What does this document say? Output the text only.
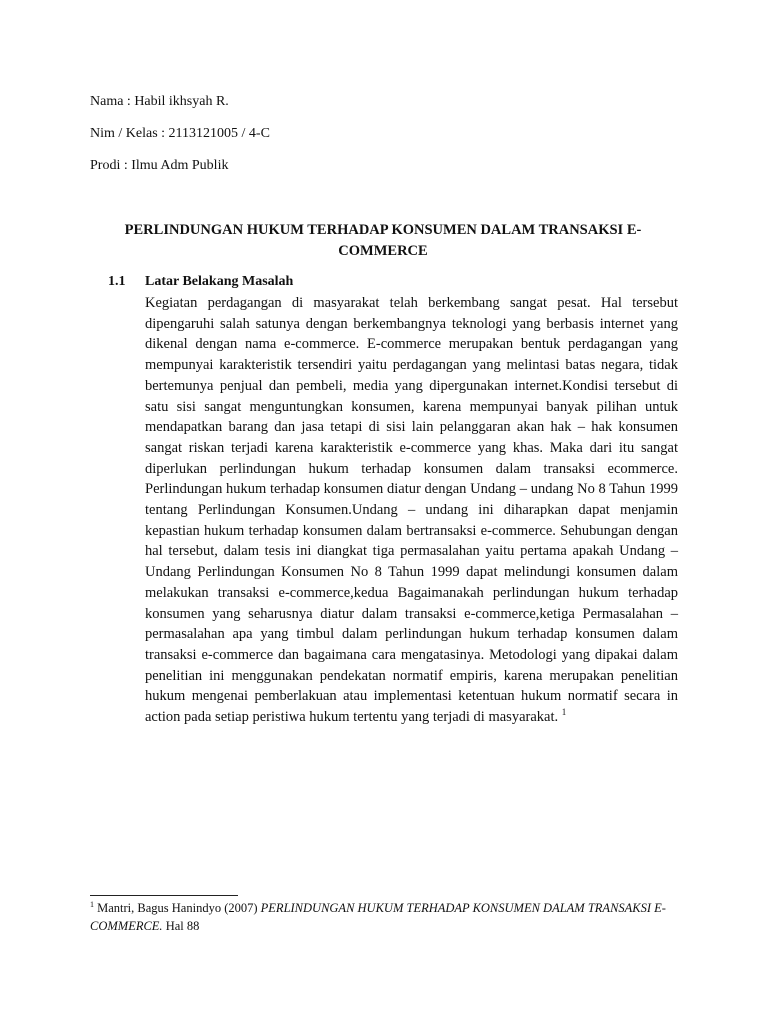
Nama : Habil ikhsyah R.
Nim / Kelas : 2113121005 / 4-C
Prodi : Ilmu Adm Publik
PERLINDUNGAN HUKUM TERHADAP KONSUMEN DALAM TRANSAKSI E-COMMERCE
1.1 Latar Belakang Masalah

Kegiatan perdagangan di masyarakat telah berkembang sangat pesat. Hal tersebut dipengaruhi salah satunya dengan berkembangnya teknologi yang berbasis internet yang dikenal dengan nama e-commerce. E-commerce merupakan bentuk perdagangan yang mempunyai karakteristik tersendiri yaitu perdagangan yang melintasi batas negara, tidak bertemunya penjual dan pembeli, media yang dipergunakan internet.Kondisi tersebut di satu sisi sangat menguntungkan konsumen, karena mempunyai banyak pilihan untuk mendapatkan barang dan jasa tetapi di sisi lain pelanggaran akan hak – hak konsumen sangat riskan terjadi karena karakteristik e-commerce yang khas. Maka dari itu sangat diperlukan perlindungan hukum terhadap konsumen dalam transaksi ecommerce. Perlindungan hukum terhadap konsumen diatur dengan Undang – undang No 8 Tahun 1999 tentang Perlindungan Konsumen.Undang – undang ini diharapkan dapat menjamin kepastian hukum terhadap konsumen dalam bertransaksi e-commerce. Sehubungan dengan hal tersebut, dalam tesis ini diangkat tiga permasalahan yaitu pertama apakah Undang – Undang Perlindungan Konsumen No 8 Tahun 1999 dapat melindungi konsumen dalam melakukan transaksi e-commerce,kedua Bagaimanakah perlindungan hukum terhadap konsumen yang seharusnya diatur dalam transaksi e-commerce,ketiga Permasalahan – permasalahan apa yang timbul dalam perlindungan hukum terhadap konsumen dalam transaksi e-commerce dan bagaimana cara mengatasinya. Metodologi yang dipakai dalam penelitian ini menggunakan pendekatan normatif empiris, karena merupakan penelitian hukum mengenai pemberlakuan atau implementasi ketentuan hukum normatif secara in action pada setiap peristiwa hukum tertentu yang terjadi di masyarakat. $^1$

$^1$ Mantri, Bagus Hanindyo (2007) PERLINDUNGAN HUKUM TERHADAP KONSUMEN DALAM TRANSAKSI E-COMMERCE. Hal 88
